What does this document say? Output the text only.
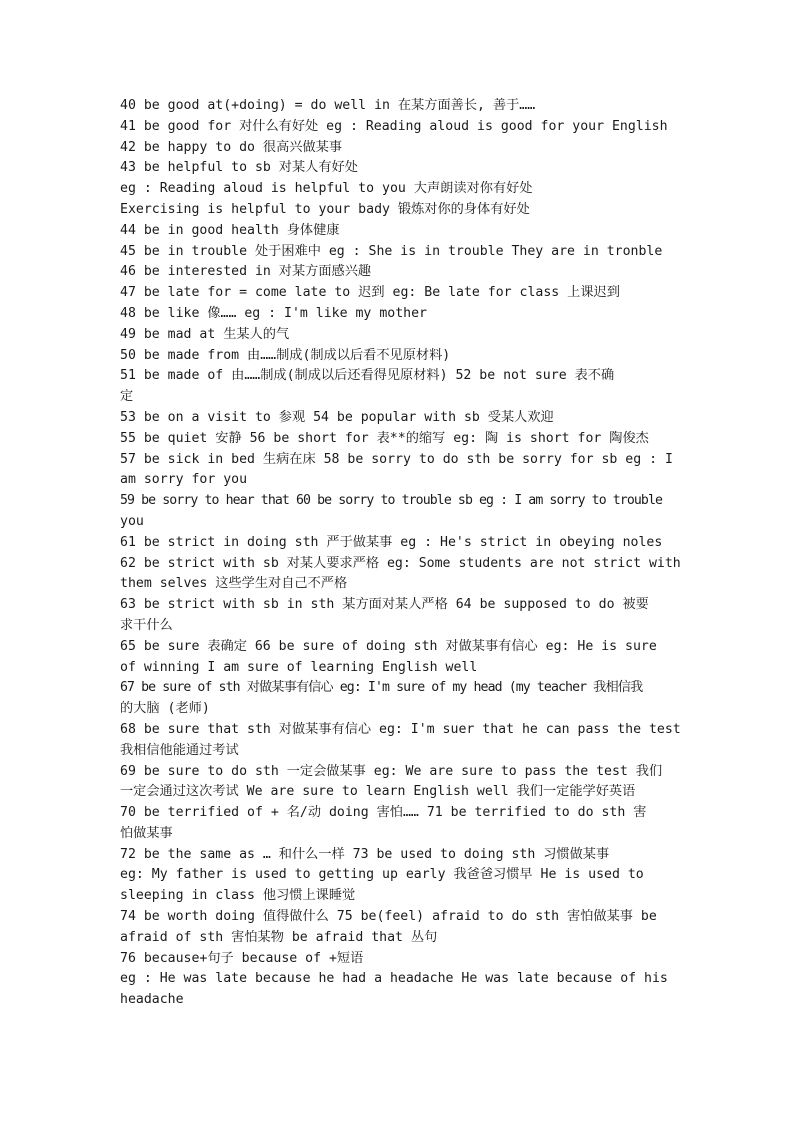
40 be good at(+doing) = do well in 在某方面善长, 善于……
41 be good for 对什么有好处 eg : Reading aloud is good for your English
42 be happy to do 很高兴做某事
43 be helpful to sb 对某人有好处
eg : Reading aloud is helpful to you 大声朗读对你有好处
Exercising is helpful to your bady 锻炼对你的身体有好处
44 be in good health 身体健康
45 be in trouble 处于困难中 eg : She is in trouble They are in tronble
46 be interested in 对某方面感兴趣
47 be late for = come late to 迟到 eg: Be late for class 上课迟到
48 be like 像…… eg : I'm like my mother
49 be mad at 生某人的气
50 be made from 由……制成(制成以后看不见原材料)
51 be made of 由……制成(制成以后还看得见原材料) 52 be not sure 表不确
定
53 be on a visit to 参观 54 be popular with sb 受某人欢迎
55 be quiet 安静 56 be short for 表**的缩写 eg: 陶 is short for 陶俊杰
57 be sick in bed 生病在床 58 be sorry to do sth be sorry for sb eg : I
am sorry for you
59 be sorry to hear that 60 be sorry to trouble sb eg : I am sorry to trouble
you
61 be strict in doing sth 严于做某事 eg : He's strict in obeying noles
62 be strict with sb 对某人要求严格 eg: Some students are not strict with
them selves 这些学生对自己不严格
63 be strict with sb in sth 某方面对某人严格 64 be supposed to do 被要
求干什么
65 be sure 表确定 66 be sure of doing sth 对做某事有信心 eg: He is sure
of winning I am sure of learning English well
67 be sure of sth 对做某事有信心 eg: I'm sure of my head (my teacher 我相信我
的大脑 (老师)
68 be sure that sth 对做某事有信心 eg: I'm suer that he can pass the test
我相信他能通过考试
69 be sure to do sth 一定会做某事 eg: We are sure to pass the test 我们
一定会通过这次考试 We are sure to learn English well 我们一定能学好英语
70 be terrified of + 名/动 doing 害怕…… 71 be terrified to do sth 害
怕做某事
72 be the same as … 和什么一样 73 be used to doing sth 习惯做某事
eg: My father is used to getting up early 我爸爸习惯早 He is used to
sleeping in class 他习惯上课睡觉
74 be worth doing 值得做什么 75 be(feel) afraid to do sth 害怕做某事 be
afraid of sth 害怕某物 be afraid that 丛句
76 because+句子 because of +短语
eg : He was late because he had a headache He was late because of his
headache
